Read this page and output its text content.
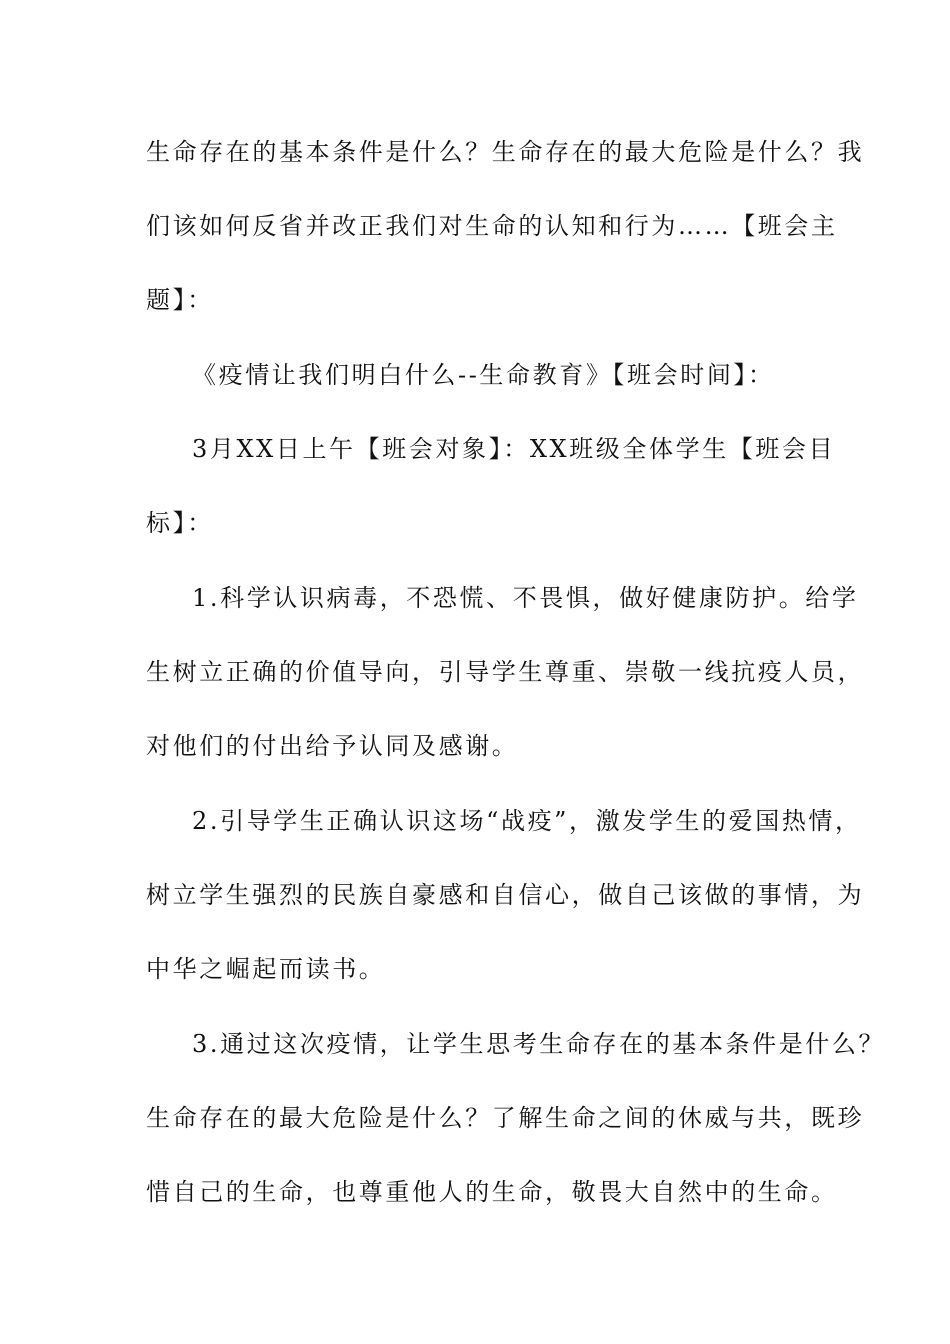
生命存在的基本条件是什么？生命存在的最大危险是什么？我
们该如何反省并改正我们对生命的认知和行为……【班会主
题】：
《疫情让我们明白什么--生命教育》【班会时间】：
3月XX日上午【班会对象】：XX班级全体学生【班会目
标】：
1.科学认识病毒，不恐慌、不畏惧，做好健康防护。给学
生树立正确的价值导向，引导学生尊重、崇敬一线抗疫人员，
对他们的付出给予认同及感谢。
2.引导学生正确认识这场“战疫”，激发学生的爱国热情，
树立学生强烈的民族自豪感和自信心，做自己该做的事情，为
中华之崛起而读书。
3.通过这次疫情，让学生思考生命存在的基本条件是什么？
生命存在的最大危险是什么？了解生命之间的休威与共，既珍
惜自己的生命，也尊重他人的生命，敬畏大自然中的生命。
